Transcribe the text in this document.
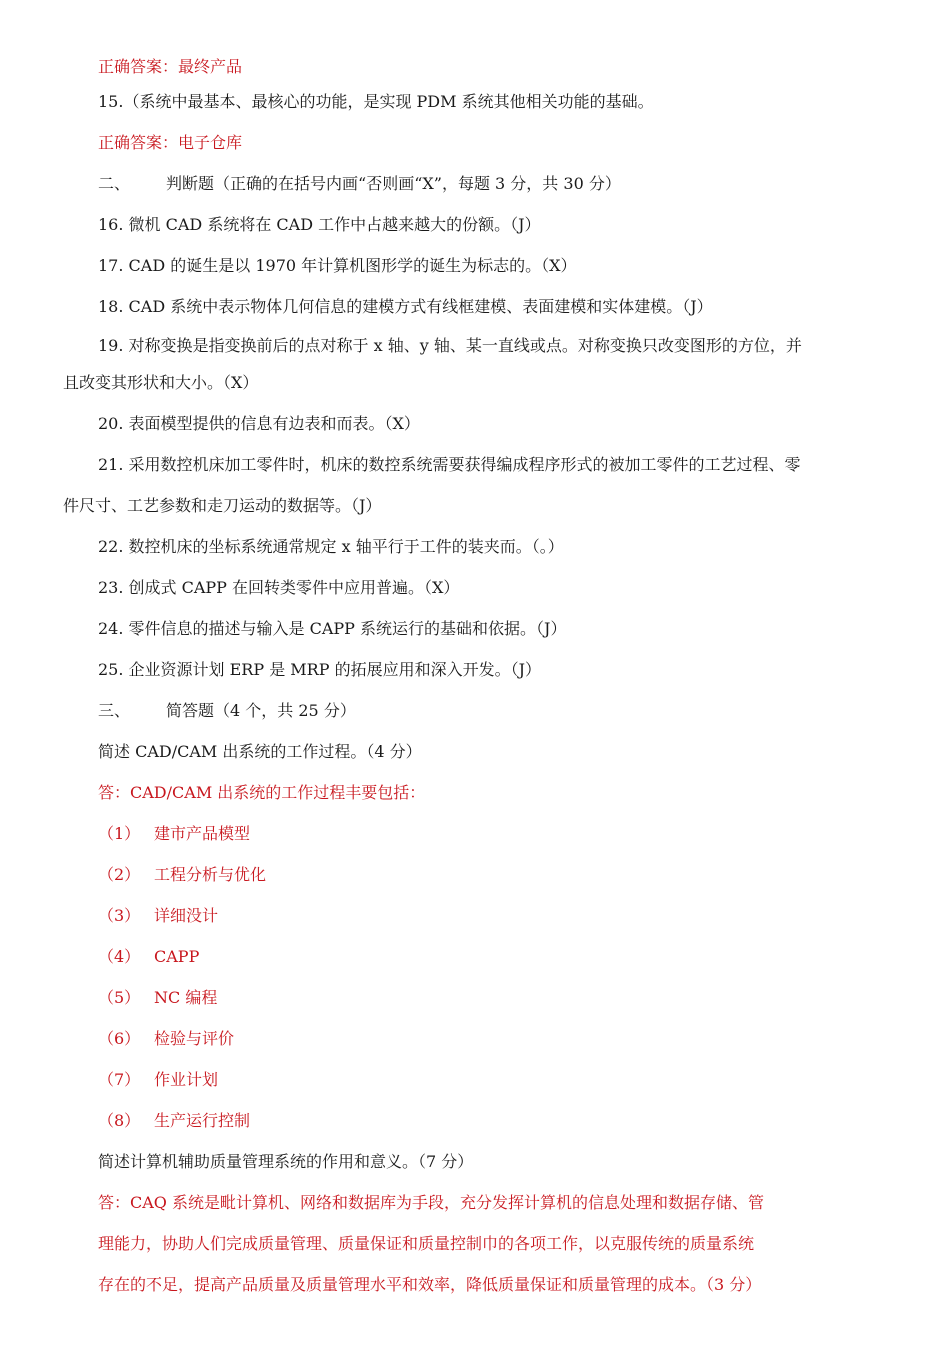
正确答案：最终产品
15.（系统中最基本、最核心的功能，是实现 PDM 系统其他相关功能的基础。
正确答案：电子仓库
二、 判断题（正确的在括号内画“否则画“X”，每题 3 分，共 30 分）
16. 微机 CAD 系统将在 CAD 工作中占越来越大的份额。（J）
17. CAD 的诞生是以 1970 年计算机图形学的诞生为标志的。（X）
18. CAD 系统中表示物体几何信息的建模方式有线框建模、表面建模和实体建模。（J）
19. 对称变换是指变换前后的点对称于 x 轴、y 轴、某一直线或点。对称变换只改变图形的方位，并
且改变其形状和大小。（X）
20. 表面模型提供的信息有边表和而表。（X）
21. 采用数控机床加工零件时，机床的数控系统需要获得编成程序形式的被加工零件的工艺过程、零
件尺寸、工艺参数和走刀运动的数据等。（J）
22. 数控机床的坐标系统通常规定 x 轴平行于工件的装夹而。（。）
23. 创成式 CAPP 在回转类零件中应用普遍。（X）
24. 零件信息的描述与输入是 CAPP 系统运行的基础和依据。（J）
25. 企业资源计划 ERP 是 MRP 的拓展应用和深入开发。（J）
三、 简答题（4 个，共 25 分）
简述 CAD/CAM 出系统的工作过程。（4 分）
答：CAD/CAM 出系统的工作过程丰要包括：
（1） 建市产品模型
（2） 工程分析与优化
（3） 详细没计
（4） CAPP
（5） NC 编程
（6） 检验与评价
（7） 作业计划
（8） 生产运行控制
简述计算机辅助质量管理系统的作用和意义。（7 分）
答：CAQ 系统是毗计算机、网络和数据库为手段，充分发挥计算机的信息处理和数据存储、管
理能力，协助人们完成质量管理、质量保证和质量控制巾的各项工作，以克服传统的质量系统
存在的不足，提高产品质量及质量管理水平和效率，降低质量保证和质量管理的成本。（3 分）
